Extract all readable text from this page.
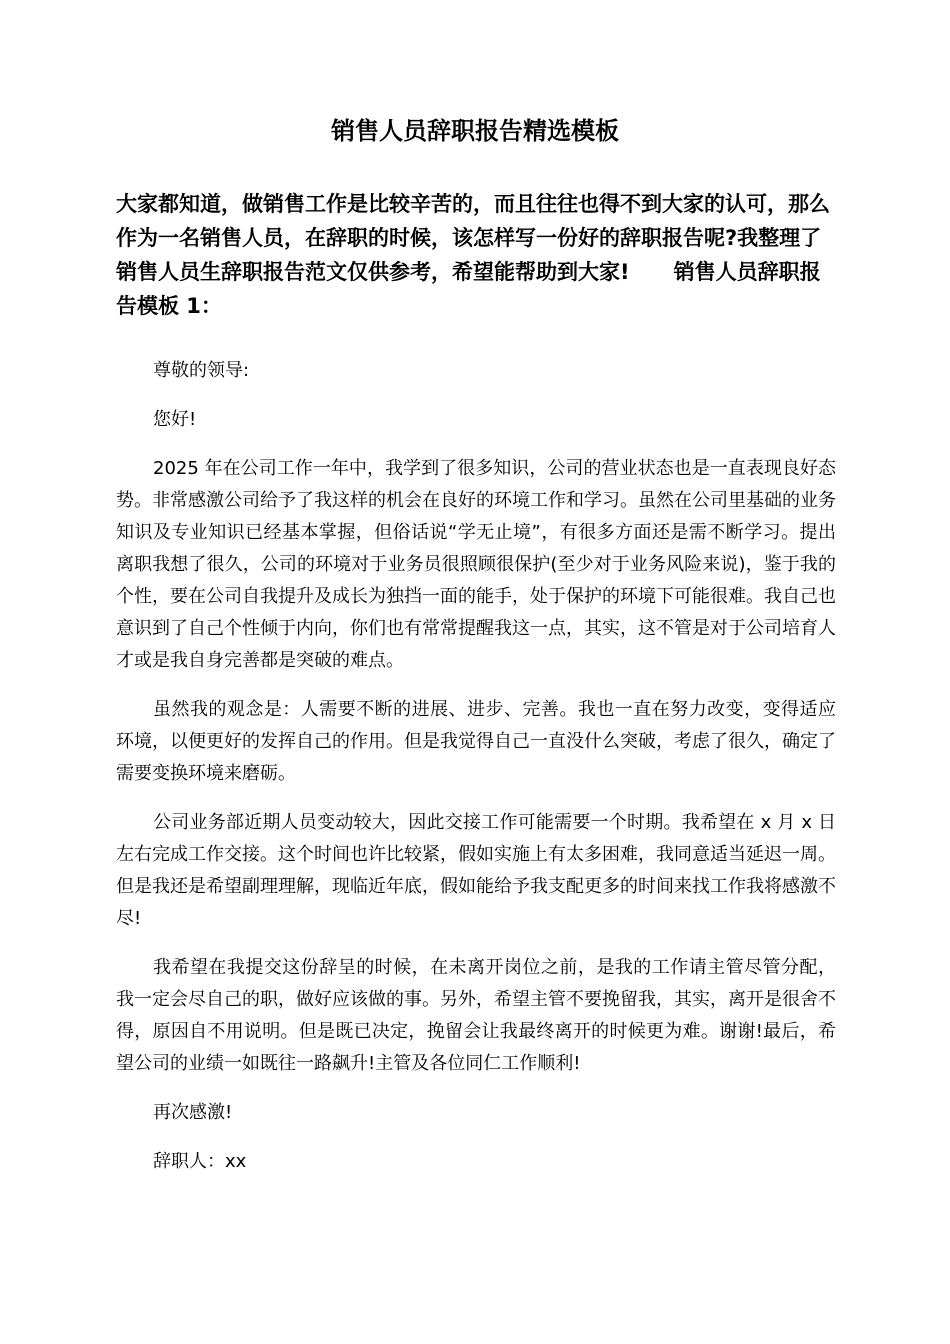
销售人员辞职报告精选模板

大家都知道，做销售工作是比较辛苦的，而且往往也得不到大家的认可，那么作为一名销售人员，在辞职的时候，该怎样写一份好的辞职报告呢?我整理了销售人员生辞职报告范文仅供参考，希望能帮助到大家! 销售人员辞职报告模板 1：

尊敬的领导:

您好!

2025 年在公司工作一年中，我学到了很多知识，公司的营业状态也是一直表现良好态势。非常感激公司给予了我这样的机会在良好的环境工作和学习。虽然在公司里基础的业务知识及专业知识已经基本掌握，但俗话说“学无止境”，有很多方面还是需不断学习。提出离职我想了很久，公司的环境对于业务员很照顾很保护(至少对于业务风险来说)，鉴于我的个性，要在公司自我提升及成长为独挡一面的能手，处于保护的环境下可能很难。我自己也意识到了自己个性倾于内向，你们也有常常提醒我这一点，其实，这不管是对于公司培育人才或是我自身完善都是突破的难点。

虽然我的观念是：人需要不断的进展、进步、完善。我也一直在努力改变，变得适应环境，以便更好的发挥自己的作用。但是我觉得自己一直没什么突破，考虑了很久，确定了需要变换环境来磨砺。

公司业务部近期人员变动较大，因此交接工作可能需要一个时期。我希望在 x 月 x 日左右完成工作交接。这个时间也许比较紧，假如实施上有太多困难，我同意适当延迟一周。但是我还是希望副理理解，现临近年底，假如能给予我支配更多的时间来找工作我将感激不尽!

我希望在我提交这份辞呈的时候，在未离开岗位之前，是我的工作请主管尽管分配，我一定会尽自己的职，做好应该做的事。另外，希望主管不要挽留我，其实，离开是很舍不得，原因自不用说明。但是既已决定，挽留会让我最终离开的时候更为难。谢谢!最后，希望公司的业绩一如既往一路飙升!主管及各位同仁工作顺利!

再次感激!

辞职人：xx
